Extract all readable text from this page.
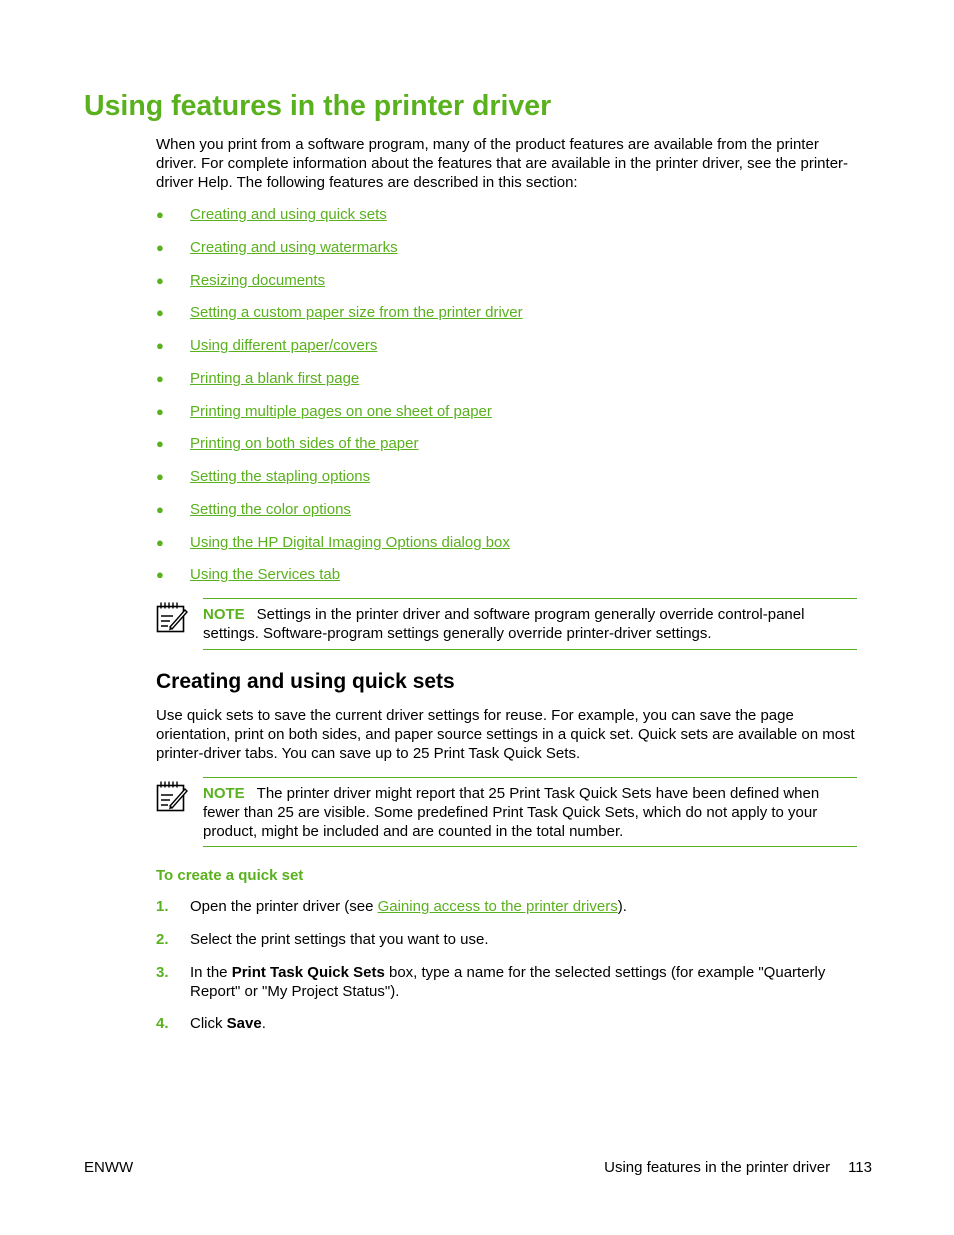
Using features in the printer driver
When you print from a software program, many of the product features are available from the printer driver. For complete information about the features that are available in the printer driver, see the printer-driver Help. The following features are described in this section:
● Creating and using quick sets
● Creating and using watermarks
● Resizing documents
● Setting a custom paper size from the printer driver
● Using different paper/covers
● Printing a blank first page
● Printing multiple pages on one sheet of paper
● Printing on both sides of the paper
● Setting the stapling options
● Setting the color options
● Using the HP Digital Imaging Options dialog box
● Using the Services tab
NOTE Settings in the printer driver and software program generally override control-panel settings. Software-program settings generally override printer-driver settings.
Creating and using quick sets
Use quick sets to save the current driver settings for reuse. For example, you can save the page orientation, print on both sides, and paper source settings in a quick set. Quick sets are available on most printer-driver tabs. You can save up to 25 Print Task Quick Sets.
NOTE The printer driver might report that 25 Print Task Quick Sets have been defined when fewer than 25 are visible. Some predefined Print Task Quick Sets, which do not apply to your product, might be included and are counted in the total number.
To create a quick set
1. Open the printer driver (see Gaining access to the printer drivers).
2. Select the print settings that you want to use.
3. In the Print Task Quick Sets box, type a name for the selected settings (for example "Quarterly Report" or "My Project Status").
4. Click Save.
ENWW	Using features in the printer driver 113
